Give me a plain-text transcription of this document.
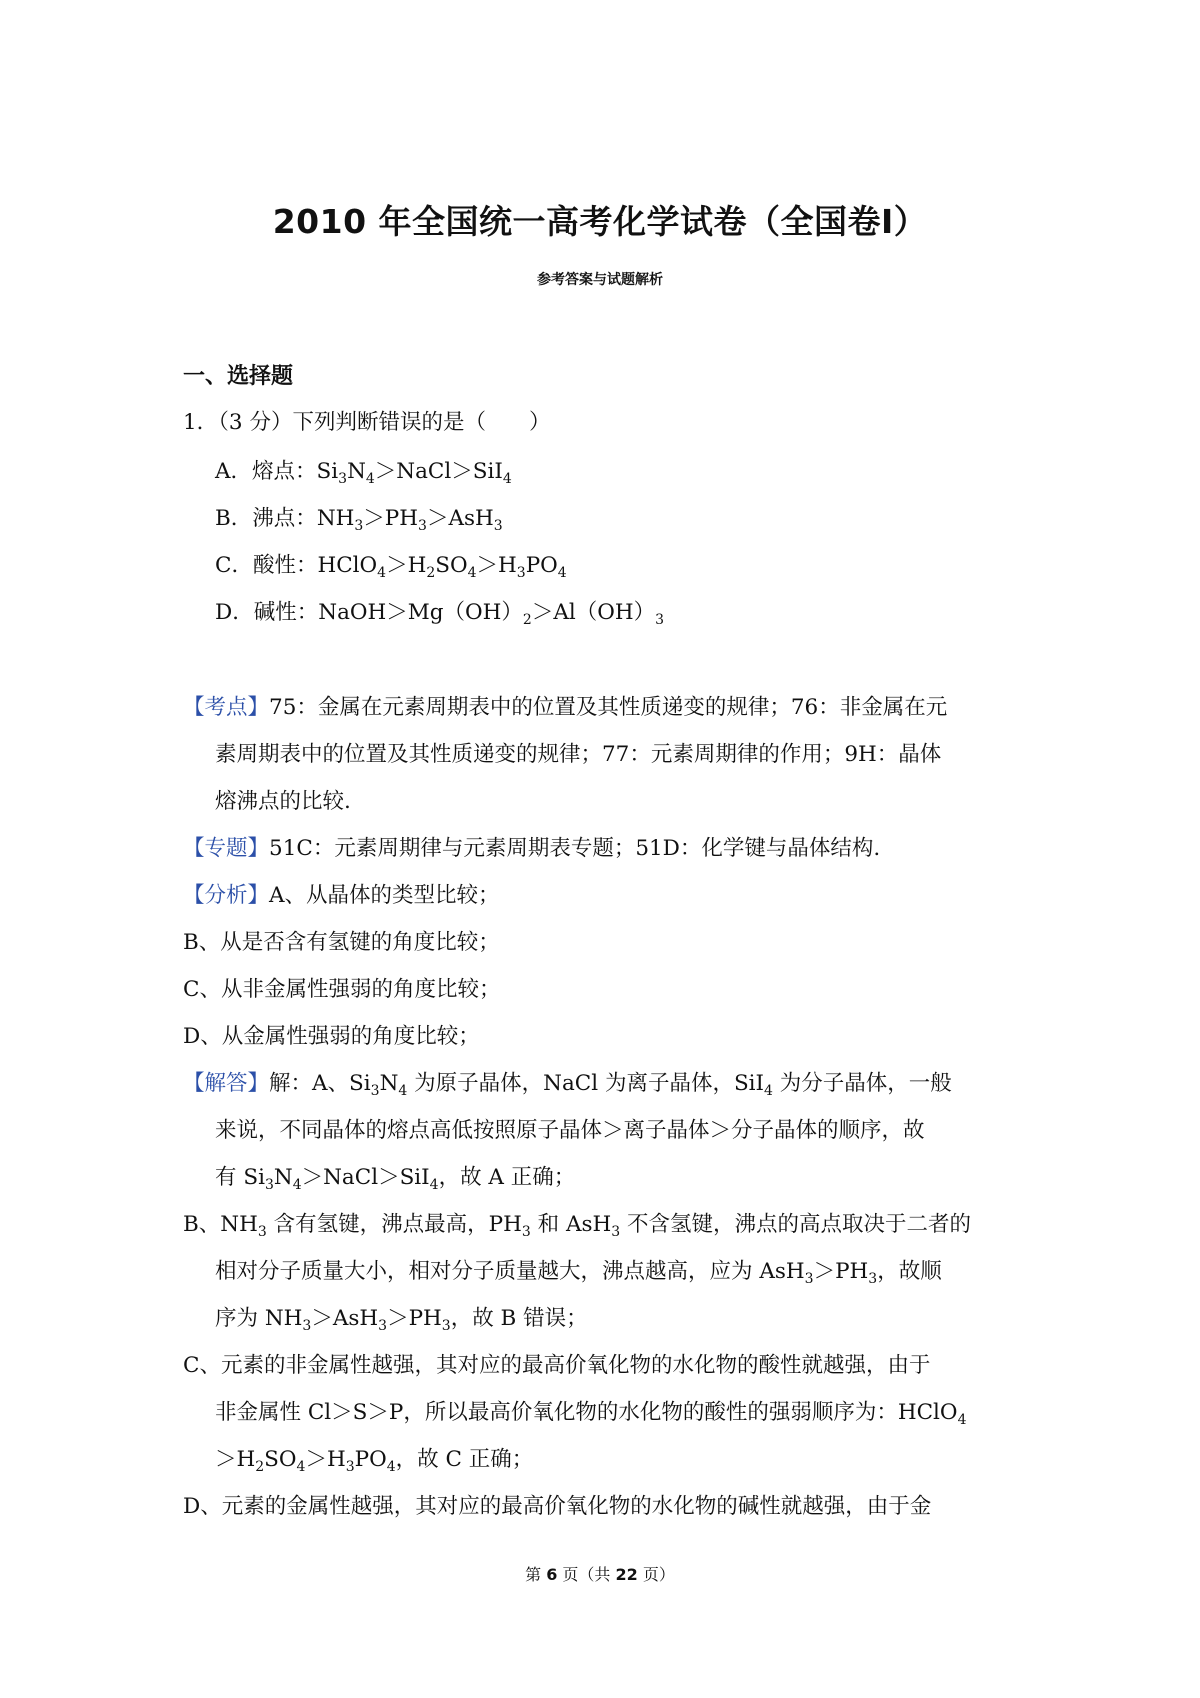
2010 年全国统一高考化学试卷（全国卷Ⅰ）
参考答案与试题解析
一、选择题
1．（3 分）下列判断错误的是（　　）
A．熔点：$Si_3N_4>NaCl>SiI_4$
B．沸点：$NH_3>PH_3>AsH_3$
C．酸性：$HClO_4>H_2SO_4>H_3PO_4$
D．碱性：$NaOH>Mg(OH)_2>Al(OH)_3$
【考点】75：金属在元素周期表中的位置及其性质递变的规律；76：非金属在元
素周期表中的位置及其性质递变的规律；77：元素周期律的作用；9H：晶体
熔沸点的比较.
【专题】51C：元素周期律与元素周期表专题；51D：化学键与晶体结构.
【分析】A、从晶体的类型比较；
B、从是否含有氢键的角度比较；
C、从非金属性强弱的角度比较；
D、从金属性强弱的角度比较；
【解答】解：A、$Si_3N_4$ 为原子晶体，NaCl 为离子晶体，SiI$_4$ 为分子晶体，一般
来说，不同晶体的熔点高低按照原子晶体＞离子晶体＞分子晶体的顺序，故
有 $Si_3N_4>NaCl>SiI_4$，故 A 正确；
B、$NH_3$ 含有氢键，沸点最高，$PH_3$ 和 AsH$_3$ 不含氢键，沸点的高点取决于二者的
相对分子质量大小，相对分子质量越大，沸点越高，应为 $AsH_3>PH_3$，故顺
序为 $NH_3>AsH_3>PH_3$，故 B 错误；
C、元素的非金属性越强，其对应的最高价氧化物的水化物的酸性就越强，由于
非金属性 Cl＞S＞P，所以最高价氧化物的水化物的酸性的强弱顺序为：HClO$_4$
$>H_2SO_4>H_3PO_4$，故 C 正确；
D、元素的金属性越强，其对应的最高价氧化物的水化物的碱性就越强，由于金
第 6 页（共 22 页）
